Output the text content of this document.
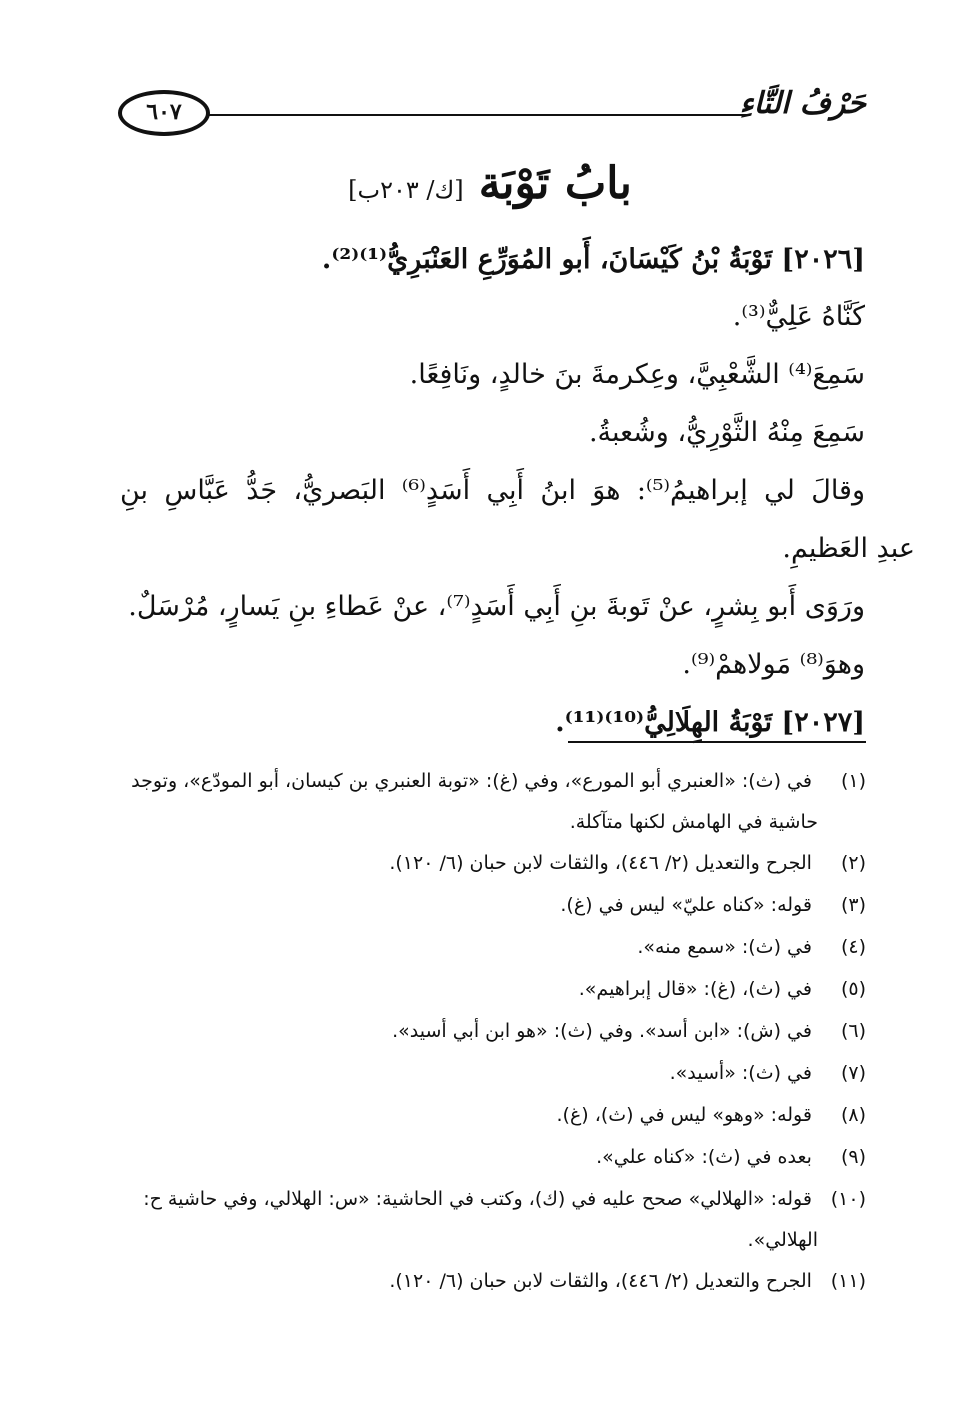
٦٠٧	حَرْفُ التَّاءِ
بابُ تَوْبَة [ك/ ٢٠٣ب]
[٢٠٢٦] تَوْبَةُ بْنُ كَيْسَانَ، أَبو المُوَرِّعِ العَنْبَرِيُّ⁽¹⁾⁽²⁾.
كَنَّاهُ عَلِيٌّ⁽³⁾.
سَمِعَ⁽⁴⁾ الشَّعْبِيَّ، وعِكرمةَ بنَ خالدٍ، ونَافِعًا.
سَمِعَ مِنْهُ الثَّوْرِيُّ، وشُعبةُ.
وقالَ لي إبراهيمُ⁽⁵⁾: هوَ ابنُ أَبِي أَسَدٍ⁽⁶⁾ البَصريُّ، جَدُّ عَبَّاسِ بنِ
عبدِ العَظيمِ.
ورَوَى أَبو بِشرٍ، عنْ تَوبةَ بنِ أَبِي أَسَدٍ⁽⁷⁾، عنْ عَطاءِ بنِ يَسارٍ، مُرْسَلٌ.
وهوَ⁽⁸⁾ مَولاهمْ⁽⁹⁾.
[٢٠٢٧] تَوْبَةُ الهِلَالِيُّ⁽¹⁰⁾⁽¹¹⁾.
(١) في (ث): «العنبري أبو المورع»، وفي (غ): «توبة العنبري بن كيسان، أبو المودّع»، وتوجد
حاشية في الهامش لكنها متآكلة.
(٢) الجرح والتعديل (٢/ ٤٤٦)، والثقات لابن حبان (٦/ ١٢٠).
(٣) قوله: «كناه عليّ» ليس في (غ).
(٤) في (ث): «سمع منه».
(٥) في (ث)، (غ): «قال إبراهيم».
(٦) في (ش): «ابن أسد». وفي (ث): «هو ابن أبي أسيد».
(٧) في (ث): «أسيد».
(٨) قوله: «وهو» ليس في (ث)، (غ).
(٩) بعده في (ث): «كناه علي».
(١٠) قوله: «الهلالي» صحح عليه في (ك)، وكتب في الحاشية: «س: الهلالي، وفي حاشية ح:
الهلالي».
(١١) الجرح والتعديل (٢/ ٤٤٦)، والثقات لابن حبان (٦/ ١٢٠).
